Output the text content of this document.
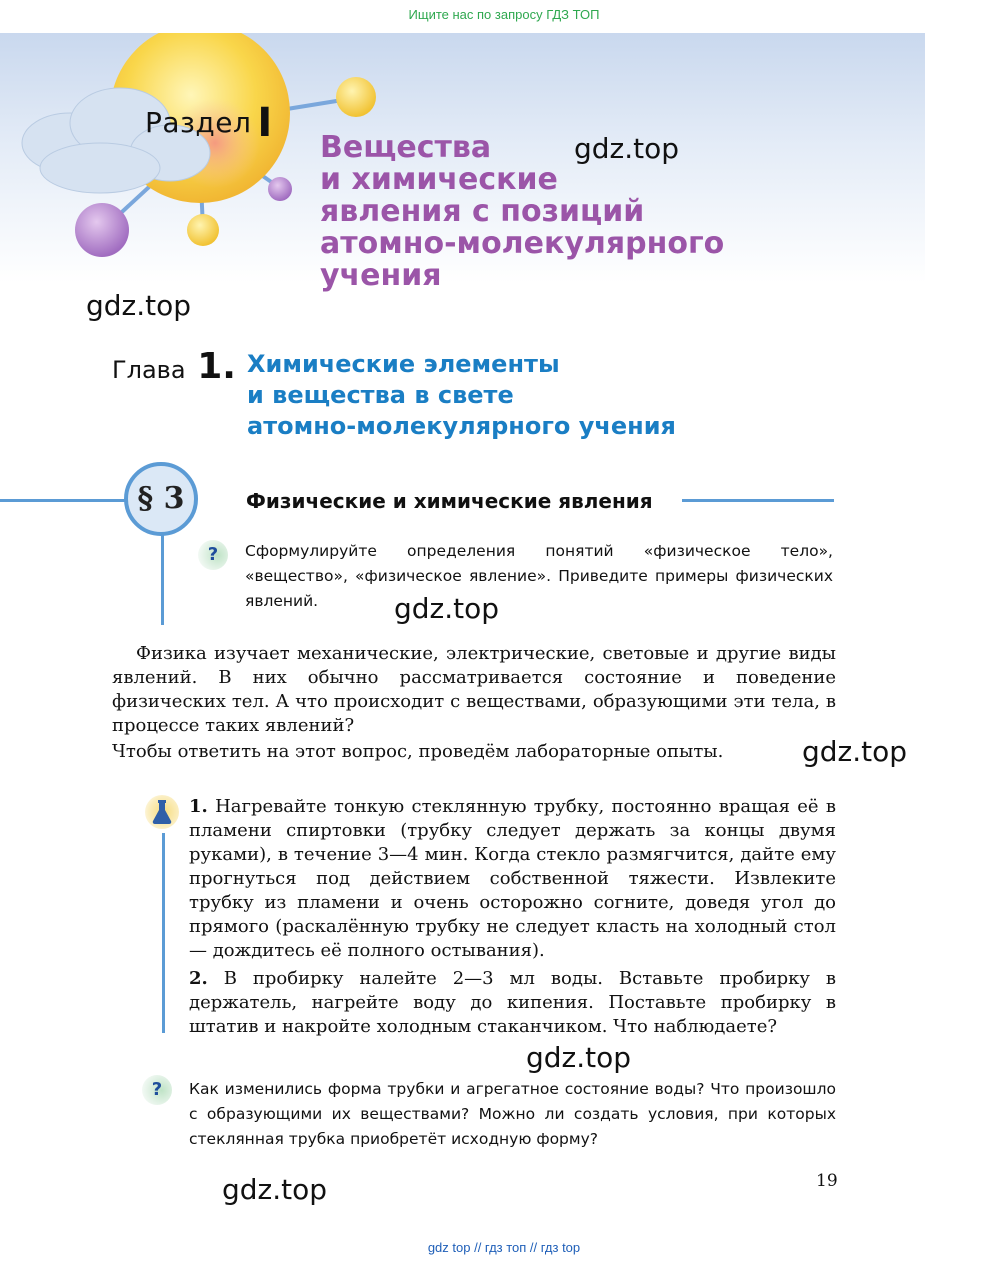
Ищите нас по запросу ГДЗ ТОП
Раздел I
Вещества
и химические
явления с позиций
атомно-молекулярного
учения
gdz.top
gdz.top
Глава 1. Химические элементы
и вещества в свете
атомно-молекулярного учения
§ 3	Физические и химические явления
?	Сформулируйте определения понятий «физическое тело», «вещество», «физическое явление». Приведите примеры физических явлений.	gdz.top
Физика изучает механические, электрические, световые и другие виды явлений. В них обычно рассматривается состояние и поведение физических тел. А что происходит с веществами, образующими эти тела, в процессе таких явлений?
Чтобы ответить на этот вопрос, проведём лабораторные опыты.	gdz.top
1. Нагревайте тонкую стеклянную трубку, постоянно вращая её в пламени спиртовки (трубку следует держать за концы двумя руками), в течение 3—4 мин. Когда стекло размягчится, дайте ему прогнуться под действием собственной тяжести. Извлеките трубку из пламени и очень осторожно согните, доведя угол до прямого (раскалённую трубку не следует класть на холодный стол — дождитесь её полного остывания).
2. В пробирку налейте 2—3 мл воды. Вставьте пробирку в держатель, нагрейте воду до кипения. Поставьте пробирку в штатив и накройте холодным стаканчиком. Что наблюдаете?
gdz.top
?	Как изменились форма трубки и агрегатное состояние воды? Что произошло с образующими их веществами? Можно ли создать условия, при которых стеклянная трубка приобретёт исходную форму?
gdz.top	19
gdz top // гдз топ // гдз top
